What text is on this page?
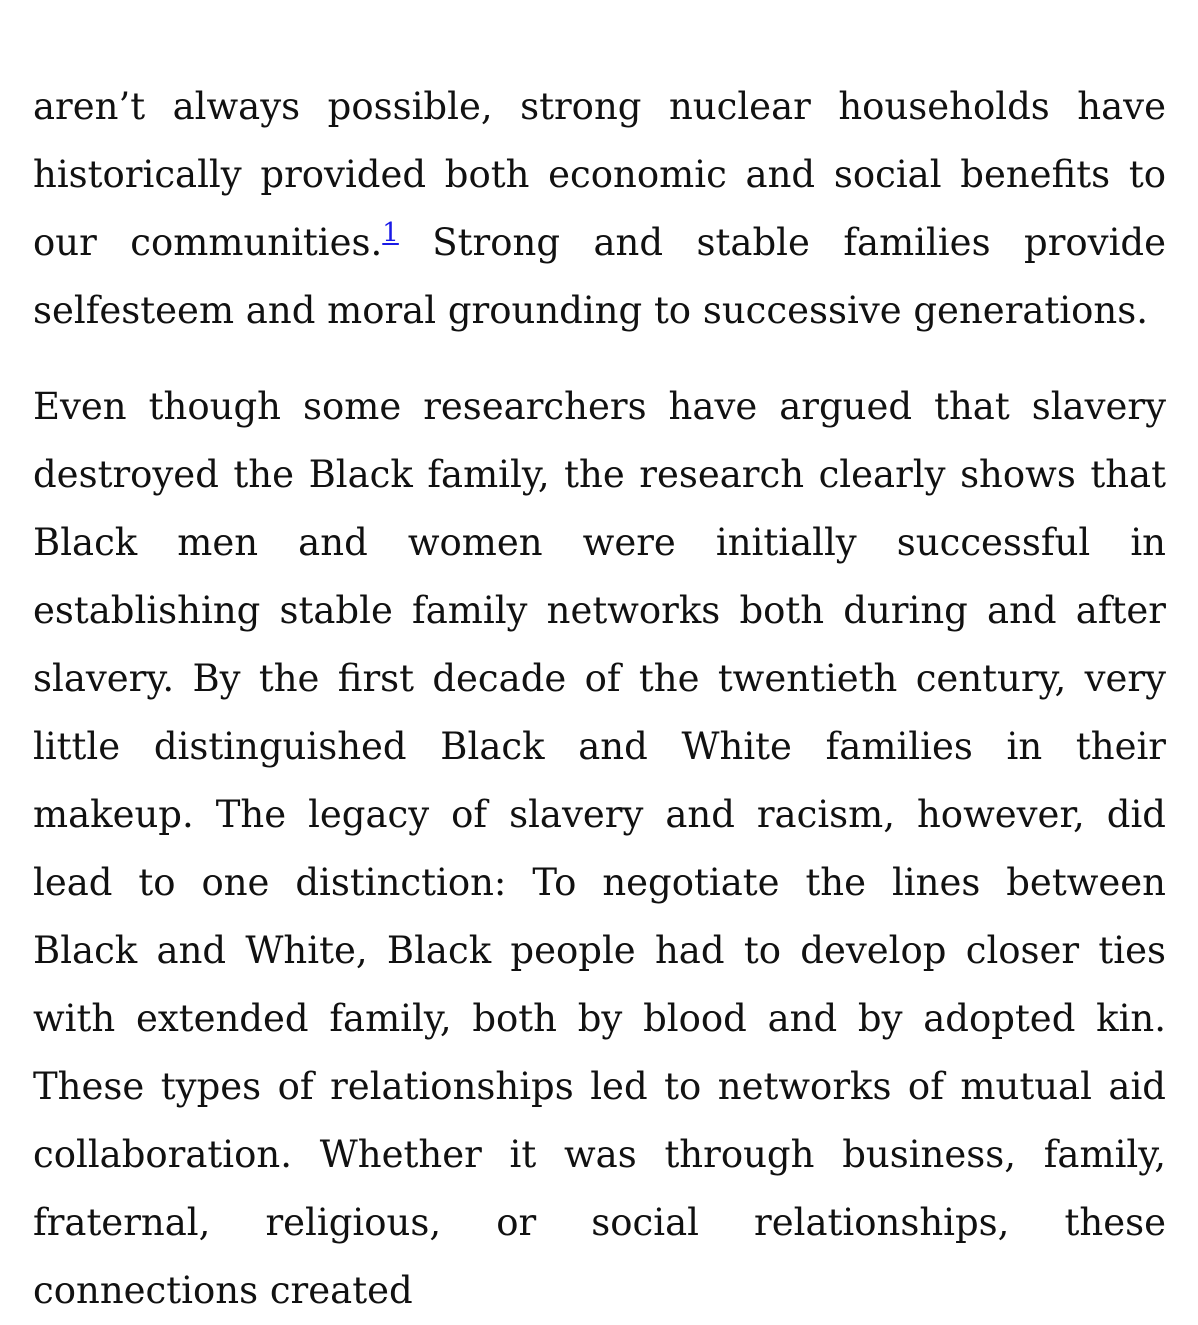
aren’t always possible, strong nuclear households have historically provided both economic and social benefits to our communities.$^1$ Strong and stable families provide selfesteem and moral grounding to successive generations.

Even though some researchers have argued that slavery destroyed the Black family, the research clearly shows that Black men and women were initially successful in establishing stable family networks both during and after slavery. By the first decade of the twentieth century, very little distinguished Black and White families in their makeup. The legacy of slavery and racism, however, did lead to one distinction: To negotiate the lines between Black and White, Black people had to develop closer ties with extended family, both by blood and by adopted kin. These types of relationships led to networks of mutual aid collaboration. Whether it was through business, family, fraternal, religious, or social relationships, these connections created
